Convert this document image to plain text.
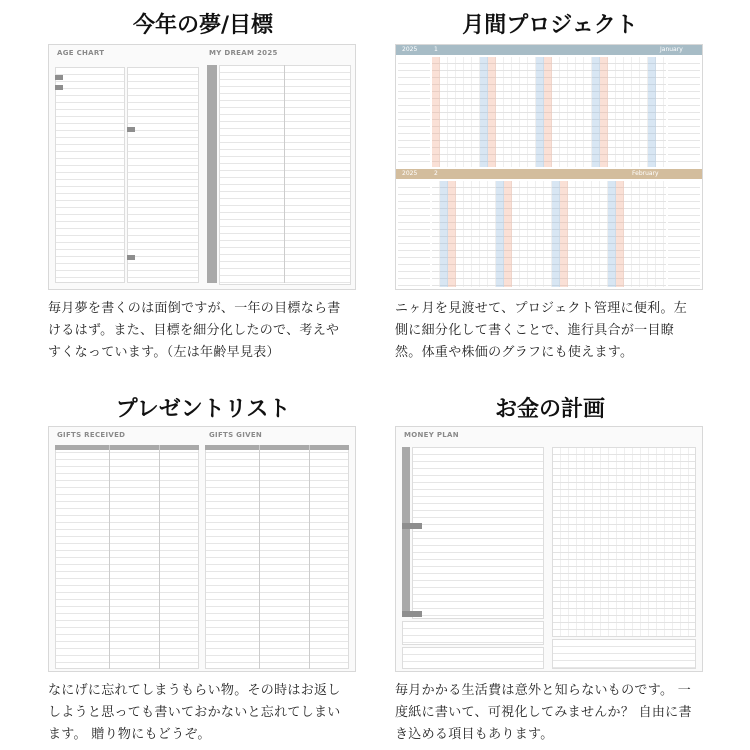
今年の夢/目標
AGE CHART	MY DREAM 2025
毎月夢を書くのは面倒ですが、一年の目標なら書
けるはず。また、目標を細分化したので、考えや
すくなっています。（左は年齢早見表）
月間プロジェクト
2025	1	January
2025	2	February
ニヶ月を見渡せて、プロジェクト管理に便利。左
側に細分化して書くことで、進行具合が一目瞭
然。体重や株価のグラフにも使えます。
プレゼントリスト
GIFTS RECEIVED	GIFTS GIVEN
なにげに忘れてしまうもらい物。その時はお返し
しようと思っても書いておかないと忘れてしまい
ます。 贈り物にもどうぞ。
お金の計画
MONEY PLAN
毎月かかる生活費は意外と知らないものです。 一
度紙に書いて、可視化してみませんか？ 自由に書
き込める項目もあります。
